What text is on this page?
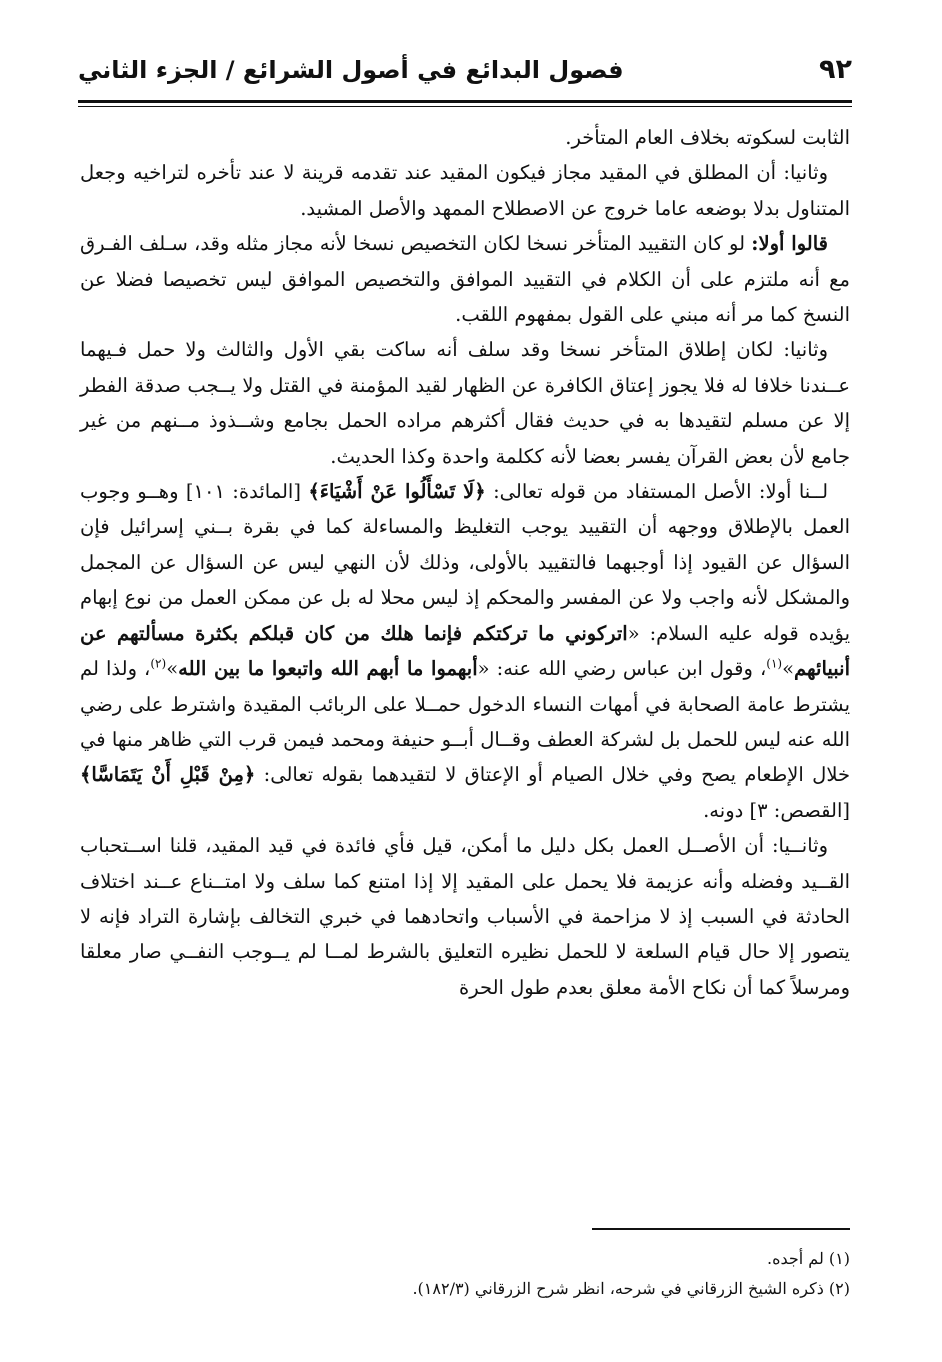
٩٢
فصول البدائع في أصول الشرائع / الجزء الثاني

الثابت لسكوته بخلاف العام المتأخر.

وثانيا: أن المطلق في المقيد مجاز فيكون المقيد عند تقدمه قرينة لا عند تأخره لتراخيه وجعل المتناول بدلا بوضعه عاما خروج عن الاصطلاح الممهد والأصل المشيد.

قالوا أولا: لو كان التقييد المتأخر نسخا لكان التخصيص نسخا لأنه مجاز مثله وقد، سـلف الفـرق مع أنه ملتزم على أن الكلام في التقييد الموافق والتخصيص الموافق ليس تخصيصا فضلا عن النسخ كما مر أنه مبني على القول بمفهوم اللقب.

وثانيا: لكان إطلاق المتأخر نسخا وقد سلف أنه ساكت بقي الأول والثالث ولا حمل فـيهما عــندنا خلافا له فلا يجوز إعتاق الكافرة عن الظهار لقيد المؤمنة في القتل ولا يــجب صدقة الفطر إلا عن مسلم لتقيدها به في حديث فقال أكثرهم مراده الحمل بجامع وشــذوذ مــنهم من غير جامع لأن بعض القرآن يفسر بعضا لأنه ككلمة واحدة وكذا الحديث.

لــنا أولا: الأصل المستفاد من قوله تعالى: ﴿لَا تَسْأَلُوا عَنْ أَشْيَاءَ﴾ [المائدة: ١٠١] وهــو وجوب العمل بالإطلاق ووجهه أن التقييد يوجب التغليظ والمساءلة كما في بقرة بــني إسرائيل فإن السؤال عن القيود إذا أوجبهما فالتقييد بالأولى، وذلك لأن النهي ليس عن السؤال عن المجمل والمشكل لأنه واجب ولا عن المفسر والمحكم إذ ليس محلا له بل عن ممكن العمل من نوع إبهام يؤيده قوله عليه السلام: «اتركوني ما تركتكم فإنما هلك من كان قبلكم بكثرة مسألتهم عن أنبيائهم»$^{(١)}$، وقول ابن عباس رضي الله عنه: «أبهموا ما أبهم الله واتبعوا ما بين الله»$^{(٢)}$، ولذا لم يشترط عامة الصحابة في أمهات النساء الدخول حمــلا على الربائب المقيدة واشترط على رضي الله عنه ليس للحمل بل لشركة العطف وقــال أبــو حنيفة ومحمد فيمن قرب التي ظاهر منها في خلال الإطعام يصح وفي خلال الصيام أو الإعتاق لا لتقيدهما بقوله تعالى: ﴿مِنْ قَبْلِ أَنْ يَتَمَاسَّا﴾ [القصص: ٣] دونه.

وثانــيا: أن الأصــل العمل بكل دليل ما أمكن، قيل فأي فائدة في قيد المقيد، قلنا اســتحباب القــيد وفضله وأنه عزيمة فلا يحمل على المقيد إلا إذا امتنع كما سلف ولا امتــناع عــند اختلاف الحادثة في السبب إذ لا مزاحمة في الأسباب واتحادهما في خبري التخالف بإشارة التراد فإنه لا يتصور إلا حال قيام السلعة لا للحمل نظيره التعليق بالشرط لمــا لم يــوجب النفــي صار معلقا ومرسلاً كما أن نكاح الأمة معلق بعدم طول الحرة

(١) لم أجده.

(٢) ذكره الشيخ الزرقاني في شرحه، انظر شرح الزرقاني (١٨٢/٣).
